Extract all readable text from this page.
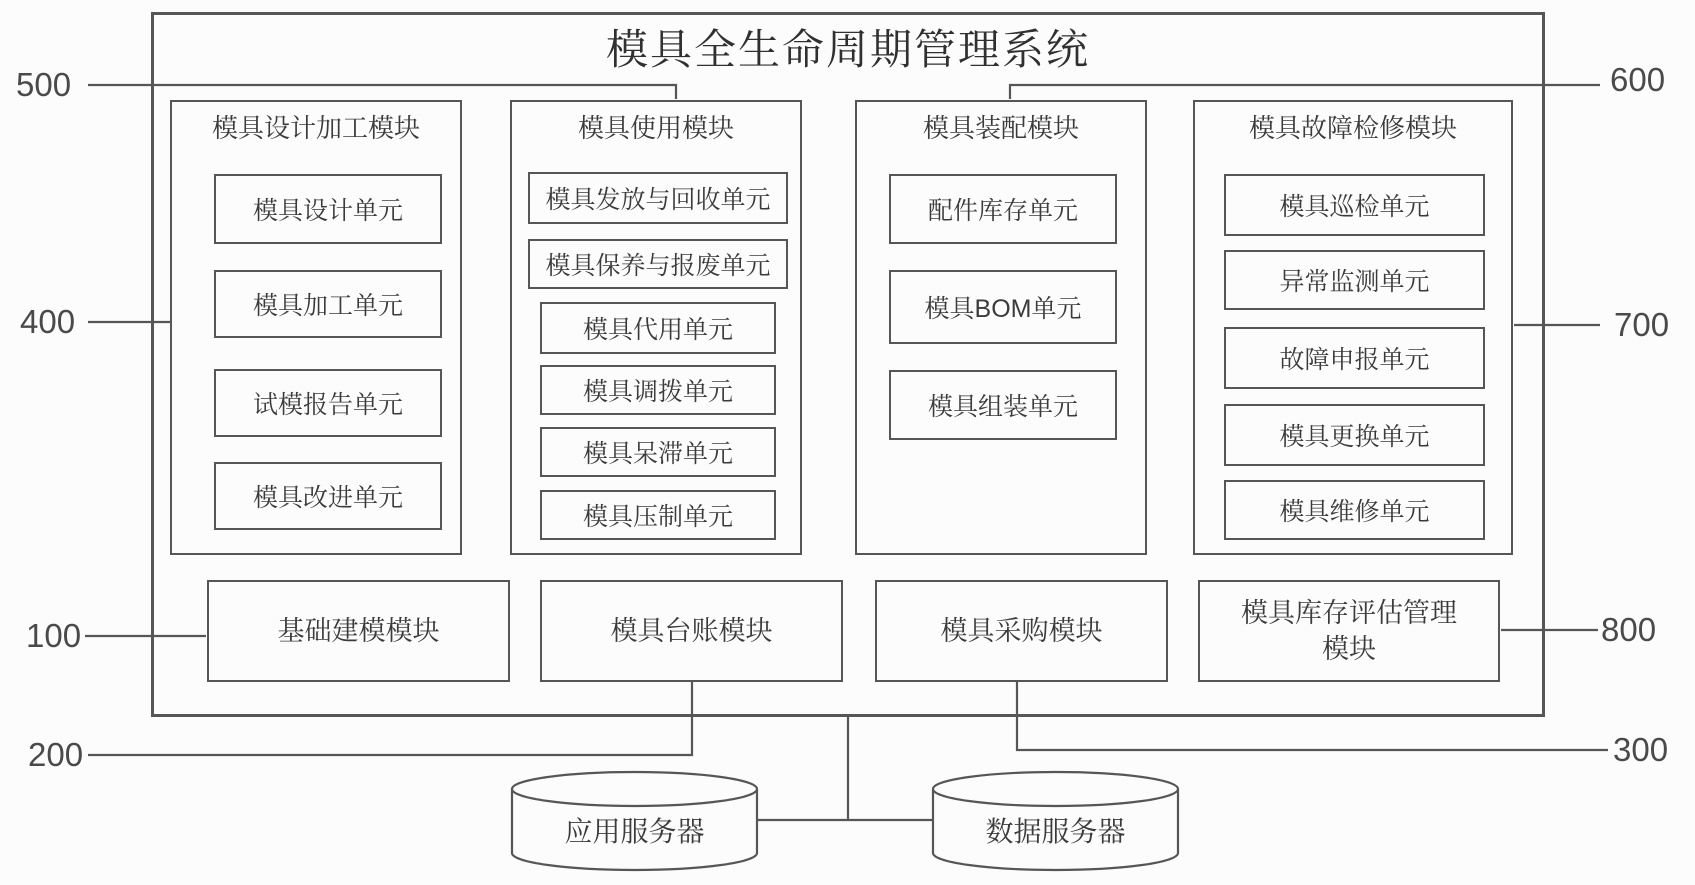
模具全生命周期管理系统
模具设计加工模块
模具设计单元
模具加工单元
试模报告单元
模具改进单元
模具使用模块
模具发放与回收单元
模具保养与报废单元
模具代用单元
模具调拨单元
模具呆滞单元
模具压制单元
模具装配模块
配件库存单元
模具BOM单元
模具组装单元
模具故障检修模块
模具巡检单元
异常监测单元
故障申报单元
模具更换单元
模具维修单元
基础建模模块	模具台账模块	模具采购模块
模具库存评估管理模块
应用服务器	数据服务器
500
400
100
200
600
700
800
300
